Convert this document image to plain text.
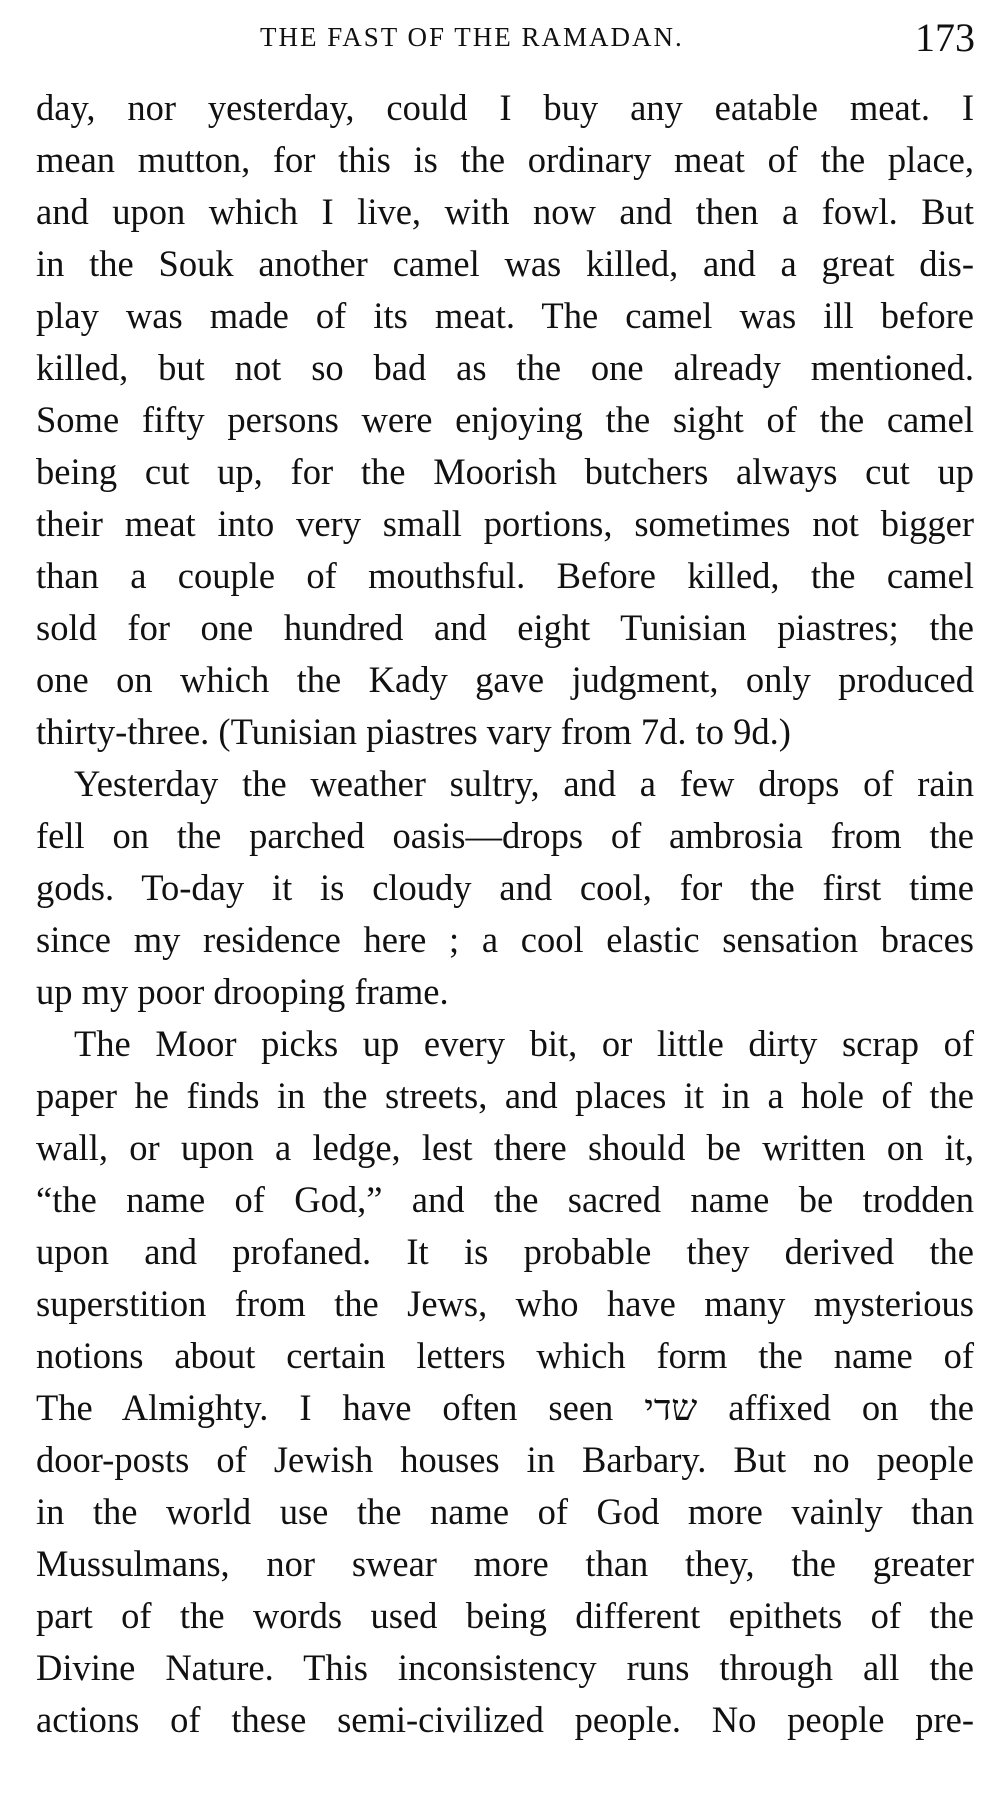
THE FAST OF THE RAMADAN.	173
day, nor yesterday, could I buy any eatable meat. I
mean mutton, for this is the ordinary meat of the place,
and upon which I live, with now and then a fowl. But
in the Souk another camel was killed, and a great dis-
play was made of its meat. The camel was ill before
killed, but not so bad as the one already mentioned.
Some fifty persons were enjoying the sight of the camel
being cut up, for the Moorish butchers always cut up
their meat into very small portions, sometimes not bigger
than a couple of mouthsful. Before killed, the camel
sold for one hundred and eight Tunisian piastres; the
one on which the Kady gave judgment, only produced
thirty-three. (Tunisian piastres vary from 7d. to 9d.)
Yesterday the weather sultry, and a few drops of rain
fell on the parched oasis—drops of ambrosia from the
gods. To-day it is cloudy and cool, for the first time
since my residence here ; a cool elastic sensation braces
up my poor drooping frame.
The Moor picks up every bit, or little dirty scrap of
paper he finds in the streets, and places it in a hole of the
wall, or upon a ledge, lest there should be written on it,
“the name of God,” and the sacred name be trodden
upon and profaned. It is probable they derived the
superstition from the Jews, who have many mysterious
notions about certain letters which form the name of
The Almighty. I have often seen שדי affixed on the
door-posts of Jewish houses in Barbary. But no people
in the world use the name of God more vainly than
Mussulmans, nor swear more than they, the greater
part of the words used being different epithets of the
Divine Nature. This inconsistency runs through all the
actions of these semi-civilized people. No people pre-
